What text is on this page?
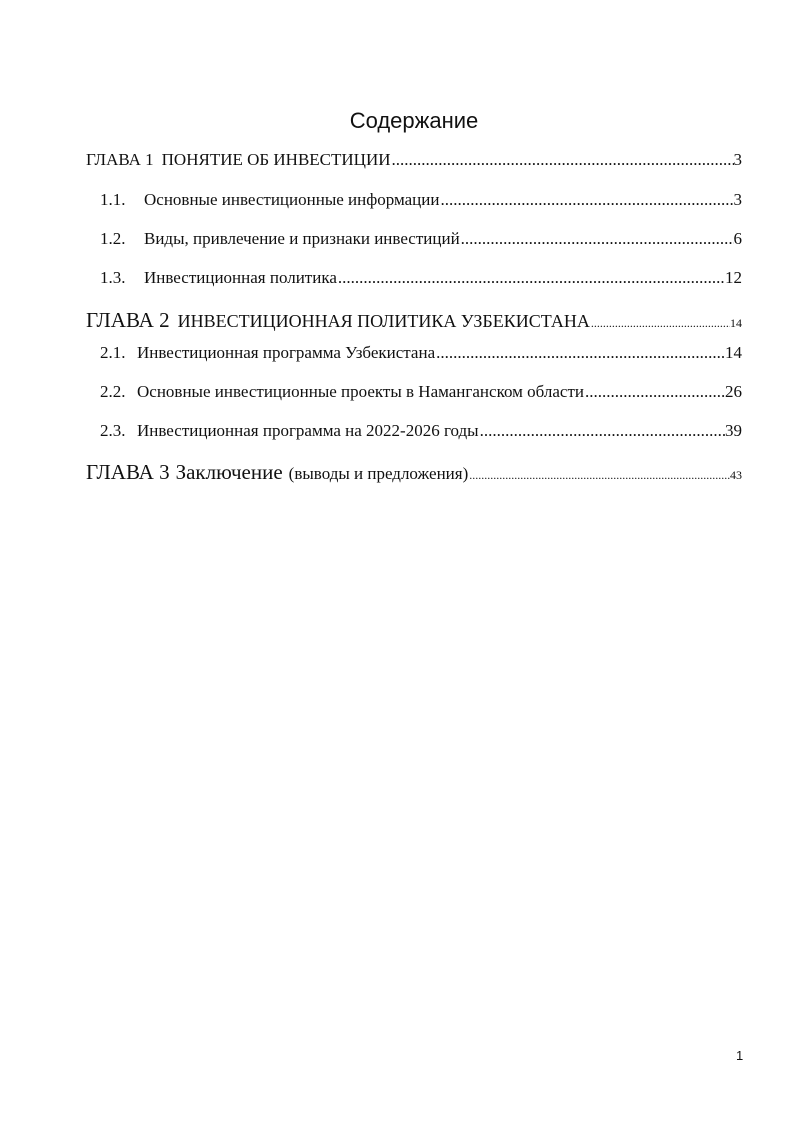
Содержание
ГЛАВА 1 ПОНЯТИЕ ОБ ИНВЕСТИЦИИ .....	3
1.1.	Основные инвестиционные информации .....	3
1.2.	Виды, привлечение и признаки инвестиций .....	6
1.3.	Инвестиционная политика .....	12
ГЛАВА 2 ИНВЕСТИЦИОННАЯ ПОЛИТИКА УЗБЕКИСТАНА .....	14
2.1. Инвестиционная программа Узбекистана .....	14
2.2. Основные инвестиционные проекты в Наманганском области .....	26
2.3. Инвестиционная программа на 2022-2026 годы .....	39
ГЛАВА 3 Заключение (выводы и предложения) .....	43
1
